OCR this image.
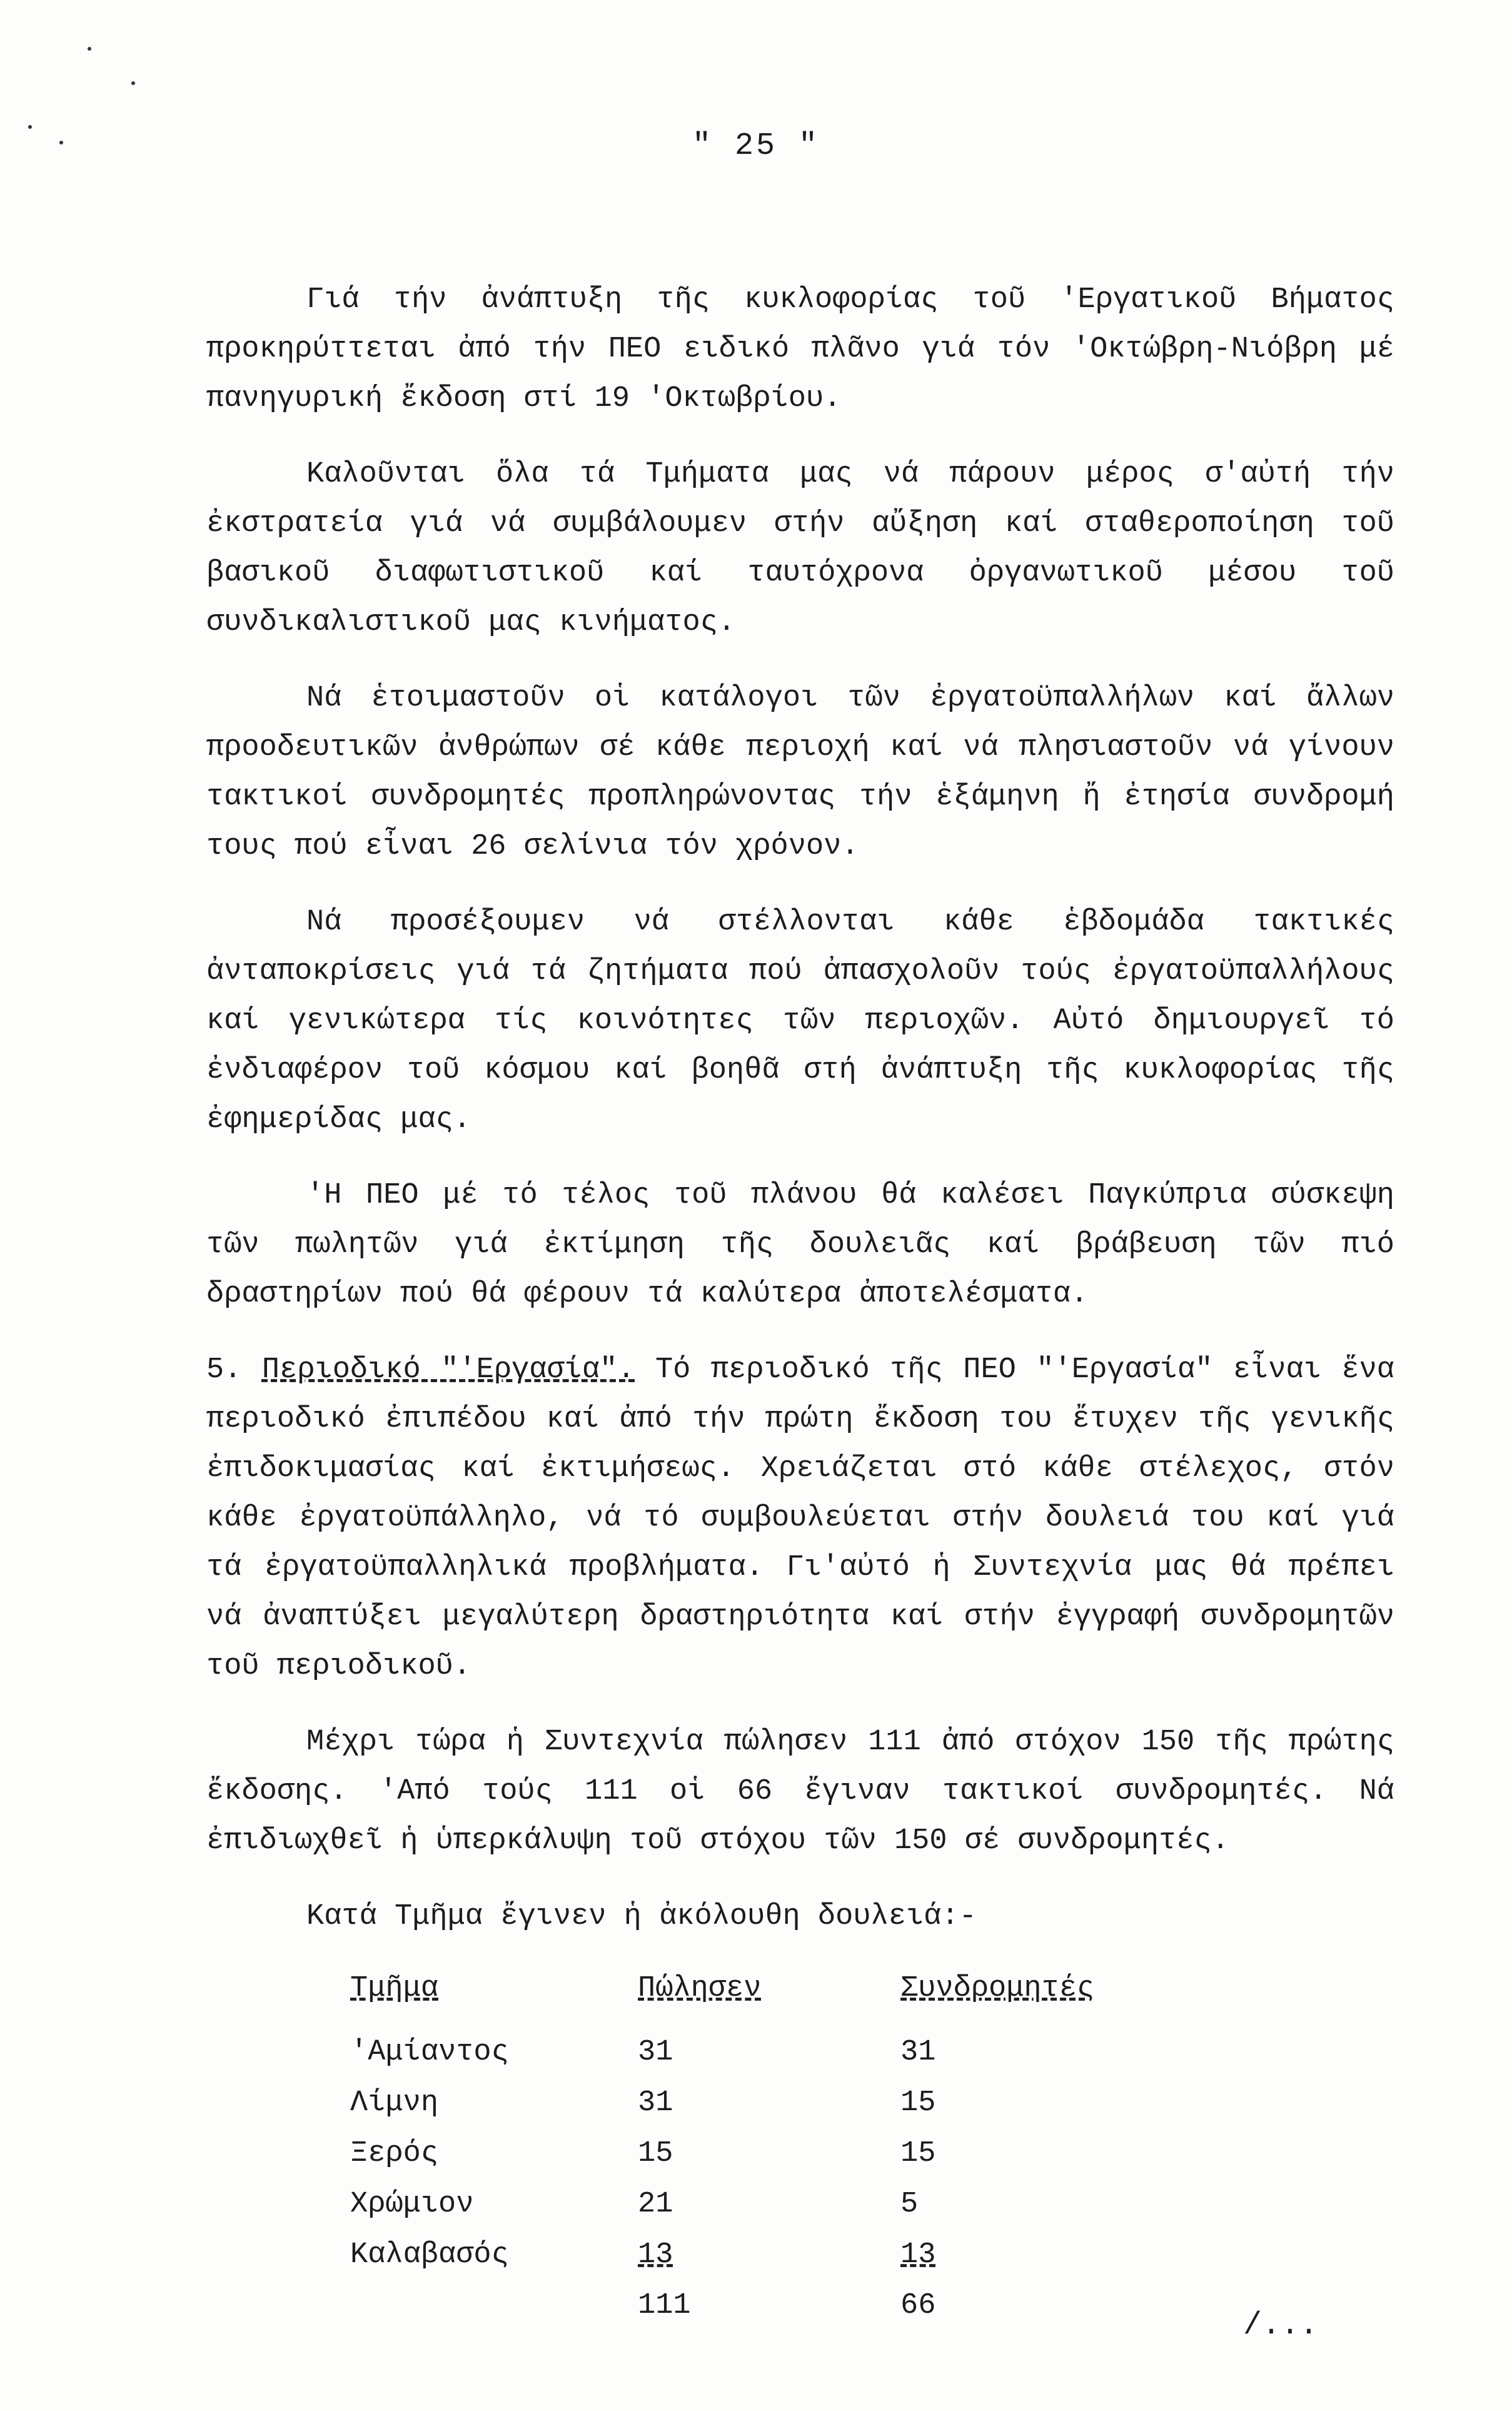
" 25 "

Γιά τήν ἀνάπτυξη τῆς κυκλοφορίας τοῦ 'Εργατικοῦ Βήματος προκηρύττεται ἀπό τήν ΠΕΟ ειδικό πλᾶνο γιά τόν 'Οκτώβρη-Νιόβρη μέ πανηγυρική ἔκδοση στί 19 'Οκτωβρίου.

Καλοῦνται ὅλα τά Τμήματα μας νά πάρουν μέρος σ'αὐτή τήν ἐκστρατεία γιά νά συμβάλουμεν στήν αὔξηση καί σταθεροποίηση τοῦ βασικοῦ διαφωτιστικοῦ καί ταυτόχρονα ὀργανωτικοῦ μέσου τοῦ συνδικαλιστικοῦ μας κινήματος.

Νά ἑτοιμαστοῦν οἱ κατάλογοι τῶν ἐργατοϋπαλλήλων καί ἄλλων προοδευτικῶν ἀνθρώπων σέ κάθε περιοχή καί νά πλησιαστοῦν νά γίνουν τακτικοί συνδρομητές προπληρώνοντας τήν ἑξάμηνη ἤ ἐτησία συνδρομή τους πού εἶναι 26 σελίνια τόν χρόνον.

Νά προσέξουμεν νά στέλλονται κάθε ἑβδομάδα τακτικές ἀνταποκρίσεις γιά τά ζητήματα πού ἀπασχολοῦν τούς ἐργατοϋπαλλήλους καί γενικώτερα τίς κοινότητες τῶν περιοχῶν. Αὐτό δημιουργεῖ τό ἐνδιαφέρον τοῦ κόσμου καί βοηθᾶ στή ἀνάπτυξη τῆς κυκλοφορίας τῆς ἐφημερίδας μας.

'Η ΠΕΟ μέ τό τέλος τοῦ πλάνου θά καλέσει Παγκύπρια σύσκεψη τῶν πωλητῶν γιά ἐκτίμηση τῆς δουλειᾶς καί βράβευση τῶν πιό δραστηρίων πού θά φέρουν τά καλύτερα ἀποτελέσματα.

5. Περιοδικό "'Εργασία". Τό περιοδικό τῆς ΠΕΟ "'Εργασία" εἶναι ἕνα περιοδικό ἐπιπέδου καί ἀπό τήν πρώτη ἔκδοση του ἔτυχεν τῆς γενικῆς ἐπιδοκιμασίας καί ἐκτιμήσεως. Χρειάζεται στό κάθε στέλεχος, στόν κάθε ἐργατοϋπάλληλο, νά τό συμβουλεύεται στήν δουλειά του καί γιά τά ἐργατοϋπαλληλικά προβλήματα. Γι'αὐτό ἡ Συντεχνία μας θά πρέπει νά ἀναπτύξει μεγαλύτερη δραστηριότητα καί στήν ἐγγραφή συνδρομητῶν τοῦ περιοδικοῦ.

Μέχρι τώρα ἡ Συντεχνία πώλησεν 111 ἀπό στόχον 150 τῆς πρώτης ἔκδοσης. 'Από τούς 111 οἱ 66 ἔγιναν τακτικοί συνδρομητές. Νά ἐπιδιωχθεῖ ἡ ὑπερκάλυψη τοῦ στόχου τῶν 150 σέ συνδρομητές.

Κατά Τμῆμα ἔγινεν ἡ ἀκόλουθη δουλειά:-

Τμῆμα	Πώλησεν	Συνδρομητές
'Αμίαντος	31	31
Λίμνη	31	15
Ξερός	15	15
Χρώμιον	21	5
Καλαβασός	13	13
	111	66
/...
